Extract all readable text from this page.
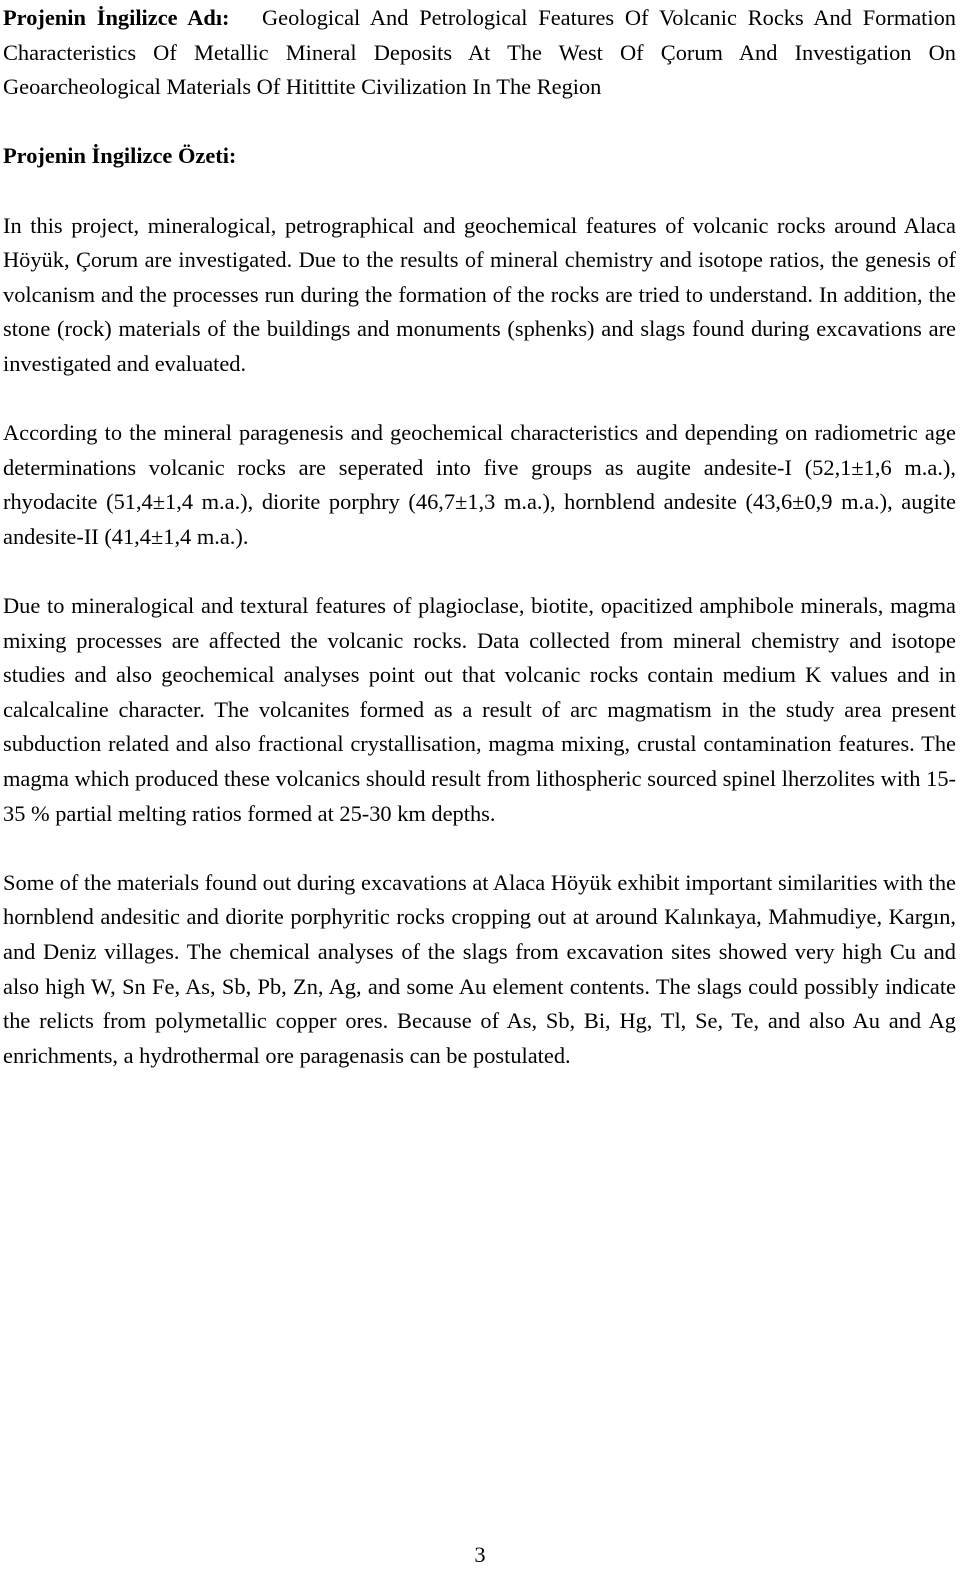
Projenin İngilizce Adı: Geological And Petrological Features Of Volcanic Rocks And Formation Characteristics Of Metallic Mineral Deposits At The West Of Çorum And Investigation On Geoarcheological Materials Of Hitittite Civilization In The Region

Projenin İngilizce Özeti:

In this project, mineralogical, petrographical and geochemical features of volcanic rocks around Alaca Höyük, Çorum are investigated. Due to the results of mineral chemistry and isotope ratios, the genesis of volcanism and the processes run during the formation of the rocks are tried to understand. In addition, the stone (rock) materials of the buildings and monuments (sphenks) and slags found during excavations are investigated and evaluated.

According to the mineral paragenesis and geochemical characteristics and depending on radiometric age determinations volcanic rocks are seperated into five groups as augite andesite-I (52,1±1,6 m.a.), rhyodacite (51,4±1,4 m.a.), diorite porphry (46,7±1,3 m.a.), hornblend andesite (43,6±0,9 m.a.), augite andesite-II (41,4±1,4 m.a.).

Due to mineralogical and textural features of plagioclase, biotite, opacitized amphibole minerals, magma mixing processes are affected the volcanic rocks. Data collected from mineral chemistry and isotope studies and also geochemical analyses point out that volcanic rocks contain medium K values and in calcalcaline character. The volcanites formed as a result of arc magmatism in the study area present subduction related and also fractional crystallisation, magma mixing, crustal contamination features. The magma which produced these volcanics should result from lithospheric sourced spinel lherzolites with 15-35 % partial melting ratios formed at 25-30 km depths.

Some of the materials found out during excavations at Alaca Höyük exhibit important similarities with the hornblend andesitic and diorite porphyritic rocks cropping out at around Kalınkaya, Mahmudiye, Kargın, and Deniz villages. The chemical analyses of the slags from excavation sites showed very high Cu and also high W, Sn Fe, As, Sb, Pb, Zn, Ag, and some Au element contents. The slags could possibly indicate the relicts from polymetallic copper ores. Because of As, Sb, Bi, Hg, Tl, Se, Te, and also Au and Ag enrichments, a hydrothermal ore paragenasis can be postulated.

3
